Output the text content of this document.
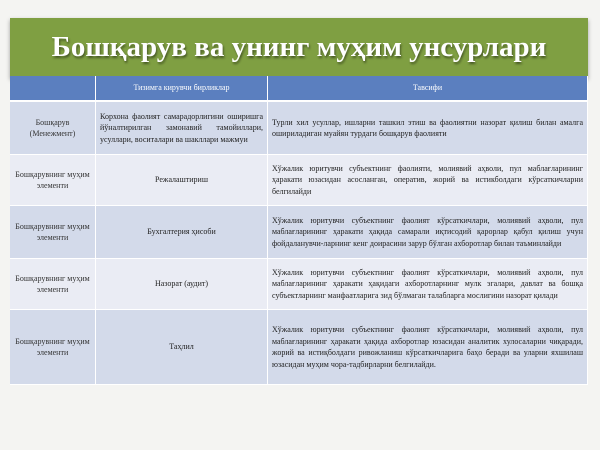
Бошқарув ва унинг муҳим унсурлари
	Тизимга кирувчи бирликлар	Тавсифи
Бошқарув (Менежмент)	Корхона фаолият самарадорлигини оширишга йўналтирилган замонавий тамойиллари, усуллари, воситалари ва шакллари мажмуи	Турли хил усуллар, ишларни ташкил этиш ва фаолиятни назорат қилиш билан амалга ошириладиган муайян турдаги бошқарув фаолияти
Бошқарувнинг муҳим элементи	Режалаштириш	Хўжалик юритувчи субъектнинг фаолияти, молиявий аҳволи, пул маблағларининг ҳаракати юзасидан асосланган, оператив, жорий ва истикболдаги кўрсаткичларни белгилайди
Бошқарувнинг муҳим элементи	Бухгалтерия ҳисоби	Хўжалик юритувчи субъектнинг фаолият кўрсаткичлари, молиявий аҳволи, пул маблағларининг ҳаракати ҳақида самарали иқтисодий қарорлар қабул қилиш учун фойдаланувчи-ларнинг кенг доирасини зарур бўлган ахборотлар билан таъминлайди
Бошқарувнинг муҳим элементи	Назорат (аудит)	Хўжалик юритувчи субъектнинг фаолият кўрсаткичлари, молиявий аҳволи, пул маблағларининг ҳаракати ҳақидаги ахборотларнинг мулк эгалари, давлат ва бошқа субъектларнинг манфаатларига зид бўлмаган талабларга мослигини назорат қилади
Бошқарувнинг муҳим элементи	Таҳлил	Хўжалик юритувчи субъектнинг фаолият кўрсаткичлари, молиявий аҳволи, пул маблағларининг ҳаракати ҳақида ахборотлар юзасидан аналитик хулосаларни чиқаради, жорий ва истиқболдаги ривожланиш кўрсаткичларига баҳо беради ва уларни яхшилаш юзасидан муҳим чора-тадбирларни белгилайди.
